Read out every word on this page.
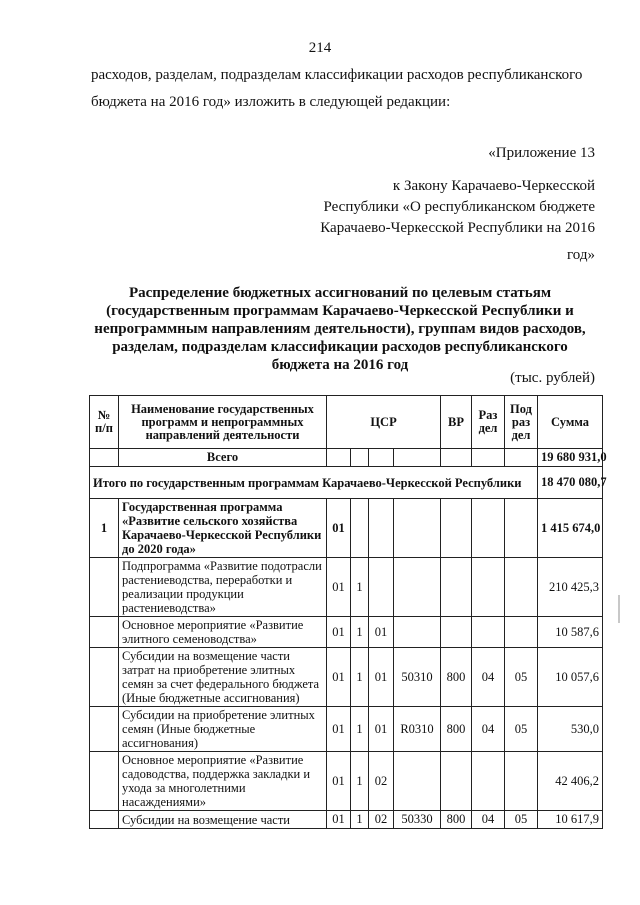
214

расходов, разделам, подразделам классификации расходов республиканского

бюджета на 2016 год» изложить в следующей редакции:

«Приложение 13
к Закону Карачаево-Черкесской
Республики «О республиканском бюджете
Карачаево-Черкесской Республики на 2016
год»
Распределение бюджетных ассигнований по целевым статьям
(государственным программам Карачаево-Черкесской Республики и
непрограммным направлениям деятельности), группам видов расходов,
разделам, подразделам классификации расходов республиканского
бюджета на 2016 год
(тыс. рублей)
№ п/п	Наименование государственных программ и непрограммных направлений деятельности	ЦСР				ВР	Раз дел	Под раз дел	Сумма
	Всего								19 680 931,0
Итого по государственным программам Карачаево-Черкесской Республики									18 470 080,7
1	Государственная программа «Развитие сельского хозяйства Карачаево-Черкесской Республики до 2020 года»	01							1 415 674,0
	Подпрограмма «Развитие подотрасли растениеводства, переработки и реализации продукции растениеводства»	01	1						210 425,3
	Основное мероприятие «Развитие элитного семеноводства»	01	1	01					10 587,6
	Субсидии на возмещение части затрат на приобретение элитных семян за счет федерального бюджета (Иные бюджетные ассигнования)	01	1	01	50310	800	04	05	10 057,6
	Субсидии на приобретение элитных семян (Иные бюджетные ассигнования)	01	1	01	R0310	800	04	05	530,0
	Основное мероприятие «Развитие садоводства, поддержка закладки и ухода за многолетними насаждениями»	01	1	02					42 406,2
	Субсидии на возмещение части	01	1	02	50330	800	04	05	10 617,9
